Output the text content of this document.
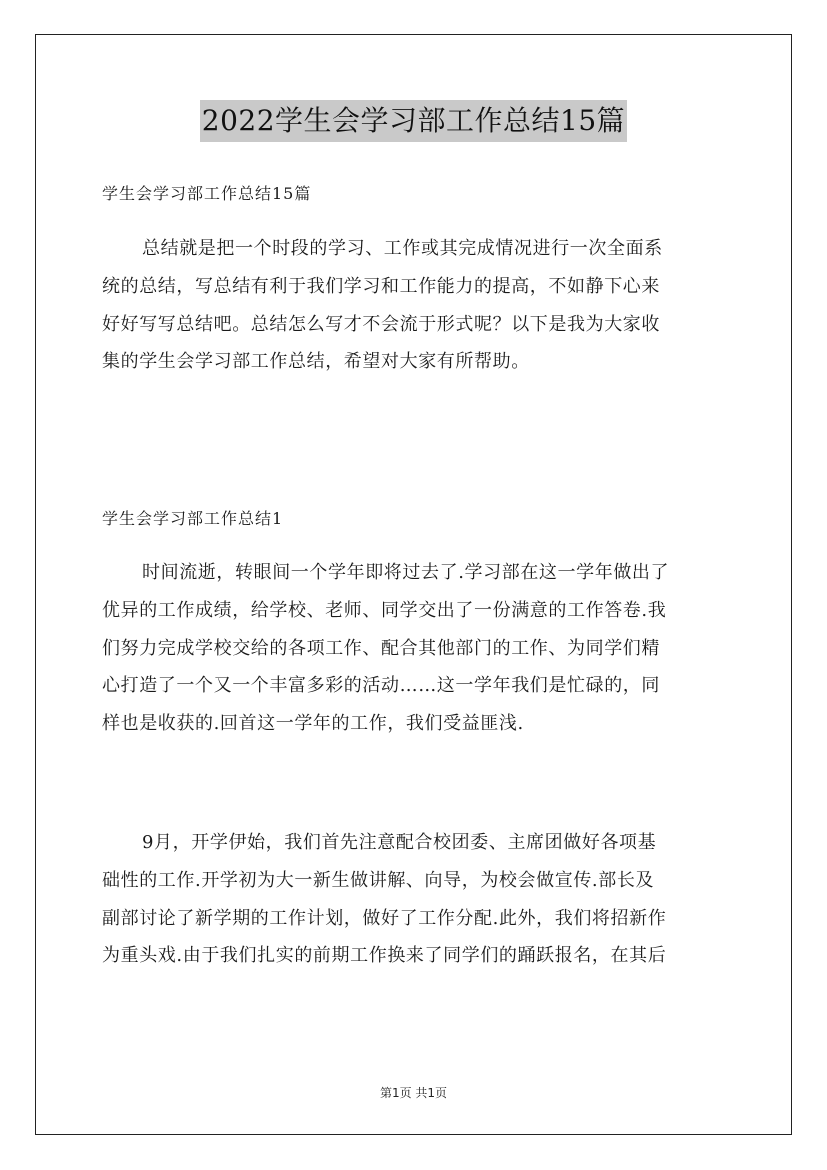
2022学生会学习部工作总结15篇
学生会学习部工作总结15篇
总结就是把一个时段的学习、工作或其完成情况进行一次全面系
统的总结，写总结有利于我们学习和工作能力的提高，不如静下心来
好好写写总结吧。总结怎么写才不会流于形式呢？以下是我为大家收
集的学生会学习部工作总结，希望对大家有所帮助。
学生会学习部工作总结1
时间流逝，转眼间一个学年即将过去了.学习部在这一学年做出了
优异的工作成绩，给学校、老师、同学交出了一份满意的工作答卷.我
们努力完成学校交给的各项工作、配合其他部门的工作、为同学们精
心打造了一个又一个丰富多彩的活动……这一学年我们是忙碌的，同
样也是收获的.回首这一学年的工作，我们受益匪浅.
9月，开学伊始，我们首先注意配合校团委、主席团做好各项基
础性的工作.开学初为大一新生做讲解、向导，为校会做宣传.部长及
副部讨论了新学期的工作计划，做好了工作分配.此外，我们将招新作
为重头戏.由于我们扎实的前期工作换来了同学们的踊跃报名，在其后
第1页 共1页
